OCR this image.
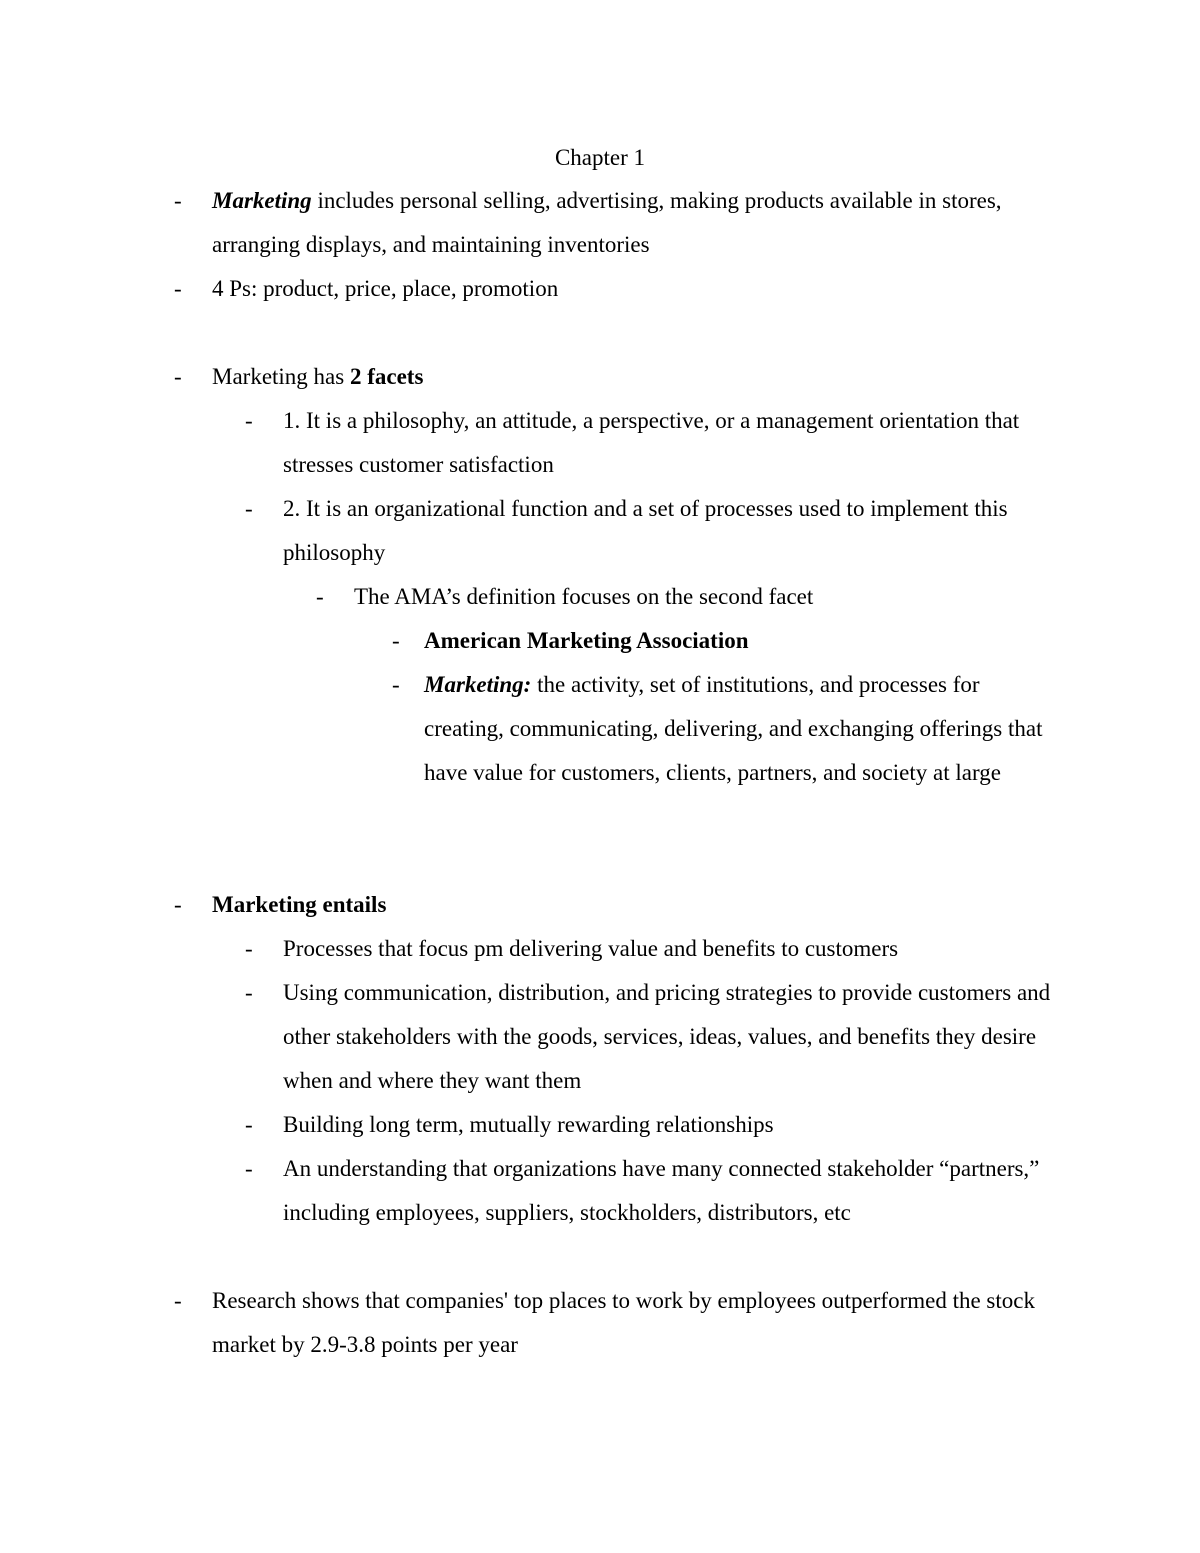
Chapter 1
-	Marketing includes personal selling, advertising, making products available in stores, arranging displays, and maintaining inventories
-	4 Ps: product, price, place, promotion
-	Marketing has 2 facets
-	1. It is a philosophy, an attitude, a perspective, or a management orientation that stresses customer satisfaction
-	2. It is an organizational function and a set of processes used to implement this philosophy
-	The AMA’s definition focuses on the second facet
-	American Marketing Association
-	Marketing: the activity, set of institutions, and processes for creating, communicating, delivering, and exchanging offerings that have value for customers, clients, partners, and society at large
-	Marketing entails
-	Processes that focus pm delivering value and benefits to customers
-	Using communication, distribution, and pricing strategies to provide customers and other stakeholders with the goods, services, ideas, values, and benefits they desire when and where they want them
-	Building long term, mutually rewarding relationships
-	An understanding that organizations have many connected stakeholder “partners,” including employees, suppliers, stockholders, distributors, etc
-	Research shows that companies' top places to work by employees outperformed the stock market by 2.9-3.8 points per year
